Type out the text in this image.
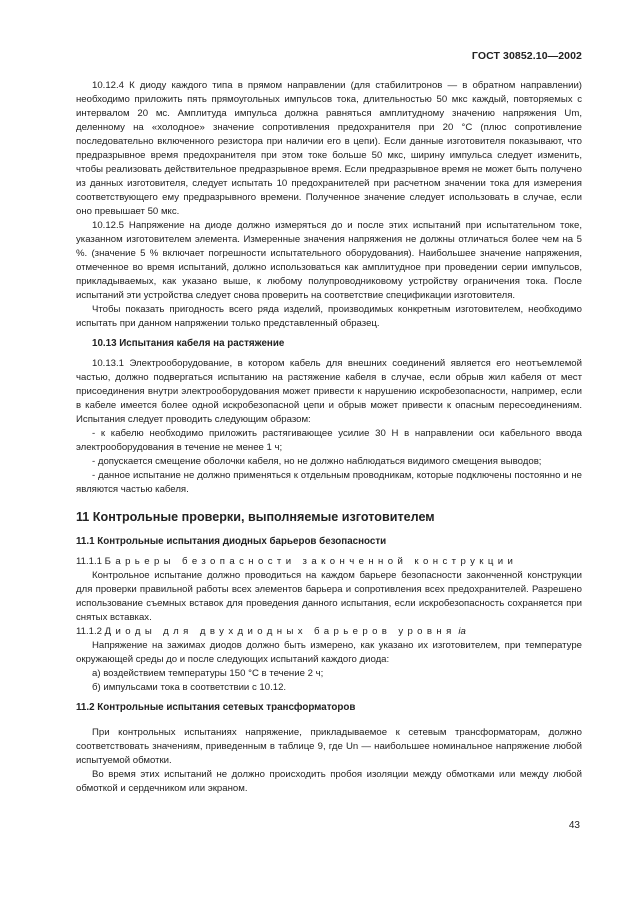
ГОСТ 30852.10—2002

10.12.4 К диоду каждого типа в прямом направлении (для стабилитронов — в обратном направлении) необходимо приложить пять прямоугольных импульсов тока, длительностью 50 мкс каждый, повторяемых с интервалом 20 мс. Амплитуда импульса должна равняться амплитудному значению напряжения Um, деленному на «холодное» значение сопротивления предохранителя при 20 °С (плюс сопротивление последовательно включенного резистора при наличии его в цепи). Если данные изготовителя показывают, что предразрывное время предохранителя при этом токе больше 50 мкс, ширину импульса следует изменить, чтобы реализовать действительное предразрывное время. Если предразрывное время не может быть получено из данных изготовителя, следует испытать 10 предохранителей при расчетном значении тока для измерения соответствующего ему предразрывного времени. Полученное значение следует использовать в случае, если оно превышает 50 мкс.

10.12.5 Напряжение на диоде должно измеряться до и после этих испытаний при испытательном токе, указанном изготовителем элемента. Измеренные значения напряжения не должны отличаться более чем на 5 %. (значение 5 % включает погрешности испытательного оборудования). Наибольшее значение напряжения, отмеченное во время испытаний, должно использоваться как амплитудное при проведении серии импульсов, прикладываемых, как указано выше, к любому полупроводниковому устройству ограничения тока. После испытаний эти устройства следует снова проверить на соответствие спецификации изготовителя.

Чтобы показать пригодность всего ряда изделий, производимых конкретным изготовителем, необходимо испытать при данном напряжении только представленный образец.

10.13 Испытания кабеля на растяжение

10.13.1 Электрооборудование, в котором кабель для внешних соединений является его неотъемлемой частью, должно подвергаться испытанию на растяжение кабеля в случае, если обрыв жил кабеля от мест присоединения внутри электрооборудования может привести к нарушению искробезопасности, например, если в кабеле имеется более одной искробезопасной цепи и обрыв может привести к опасным пересоединениям. Испытания следует проводить следующим образом:

- к кабелю необходимо приложить растягивающее усилие 30 Н в направлении оси кабельного ввода электрооборудования в течение не менее 1 ч;

- допускается смещение оболочки кабеля, но не должно наблюдаться видимого смещения выводов;

- данное испытание не должно применяться к отдельным проводникам, которые подключены постоянно и не являются частью кабеля.

11 Контрольные проверки, выполняемые изготовителем
11.1 Контрольные испытания диодных барьеров безопасности

11.1.1 Барьеры безопасности законченной конструкции

Контрольное испытание должно проводиться на каждом барьере безопасности законченной конструкции для проверки правильной работы всех элементов барьера и сопротивления всех предохранителей. Разрешено использование съемных вставок для проведения данного испытания, если искробезопасность сохраняется при снятых вставках.

11.1.2 Диоды для двухдиодных барьеров уровня ia

Напряжение на зажимах диодов должно быть измерено, как указано их изготовителем, при температуре окружающей среды до и после следующих испытаний каждого диода:

а) воздействием температуры 150 °С в течение 2 ч;

б) импульсами тока в соответствии с 10.12.

11.2 Контрольные испытания сетевых трансформаторов

При контрольных испытаниях напряжение, прикладываемое к сетевым трансформаторам, должно соответствовать значениям, приведенным в таблице 9, где Un — наибольшее номинальное напряжение любой испытуемой обмотки.

Во время этих испытаний не должно происходить пробоя изоляции между обмотками или между любой обмоткой и сердечником или экраном.

43
